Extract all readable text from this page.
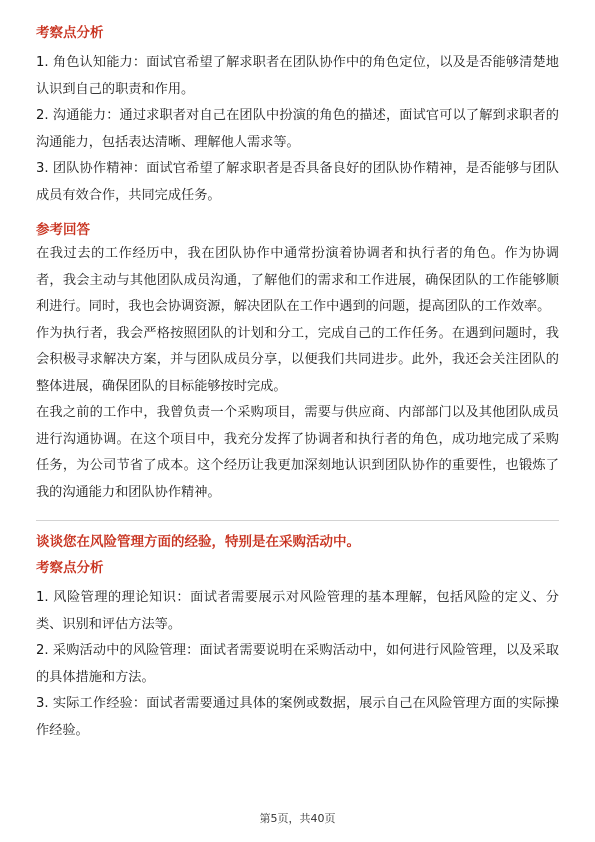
考察点分析

1. 角色认知能力：面试官希望了解求职者在团队协作中的角色定位，以及是否能够清楚地认识到自己的职责和作用。

2. 沟通能力：通过求职者对自己在团队中扮演的角色的描述，面试官可以了解到求职者的沟通能力，包括表达清晰、理解他人需求等。

3. 团队协作精神：面试官希望了解求职者是否具备良好的团队协作精神，是否能够与团队成员有效合作，共同完成任务。

参考回答

在我过去的工作经历中，我在团队协作中通常扮演着协调者和执行者的角色。作为协调者，我会主动与其他团队成员沟通，了解他们的需求和工作进展，确保团队的工作能够顺利进行。同时，我也会协调资源，解决团队在工作中遇到的问题，提高团队的工作效率。

作为执行者，我会严格按照团队的计划和分工，完成自己的工作任务。在遇到问题时，我会积极寻求解决方案，并与团队成员分享，以便我们共同进步。此外，我还会关注团队的整体进展，确保团队的目标能够按时完成。

在我之前的工作中，我曾负责一个采购项目，需要与供应商、内部部门以及其他团队成员进行沟通协调。在这个项目中，我充分发挥了协调者和执行者的角色，成功地完成了采购任务，为公司节省了成本。这个经历让我更加深刻地认识到团队协作的重要性，也锻炼了我的沟通能力和团队协作精神。

谈谈您在风险管理方面的经验，特别是在采购活动中。

考察点分析

1. 风险管理的理论知识：面试者需要展示对风险管理的基本理解，包括风险的定义、分类、识别和评估方法等。

2. 采购活动中的风险管理：面试者需要说明在采购活动中，如何进行风险管理，以及采取的具体措施和方法。

3. 实际工作经验：面试者需要通过具体的案例或数据，展示自己在风险管理方面的实际操作经验。

第5页，共40页
